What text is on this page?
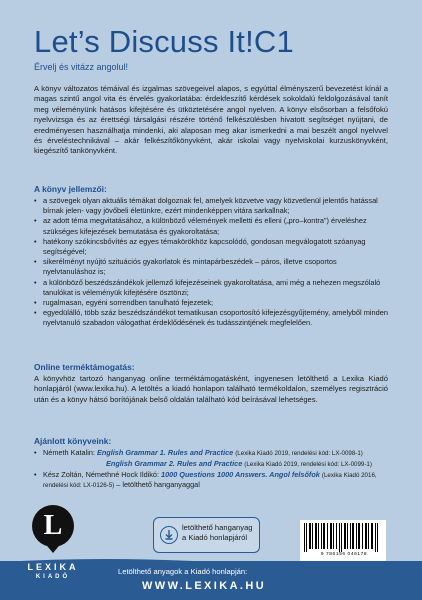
Let’s Discuss It!C1
Érvelj és vitázz angolul!

A könyv változatos témáival és izgalmas szövegeivel alapos, s egyúttal élményszerű bevezetést kínál a magas szintű angol vita és érvelés gyakorlatába: érdekfeszítő kérdések sokoldalú feldolgozásával tanít meg véleményünk hatásos kifejtésére és ütköztetésére angol nyelven. A könyv elsősorban a felsőfokú nyelvvizsga és az érettségi társalgási részére történő felkészülésben hivatott segítséget nyújtani, de eredményesen használhatja mindenki, aki alaposan meg akar ismerkedni a mai beszélt angol nyelvvel és érveléstechnikával – akár felkészítőkönyvként, akár iskolai vagy nyelviskolai kurzuskönyvként, kiegészítő tankönyvként.

A könyv jellemzői:
• a szövegek olyan aktuális témákat dolgoznak fel, amelyek közvetve vagy közvetlenül jelentős hatással bírnak jelen- vagy jövőbeli életünkre, ezért mindenképpen vitára sarkallnak;
• az adott téma megvitatásához, a különböző vélemények melletti és elleni („pro–kontra”) érveléshez szükséges kifejezések bemutatása és gyakoroltatása;
• hatékony szókincsbővítés az egyes témakörökhöz kapcsolódó, gondosan megválogatott szóanyag segítségével;
• sikerélményt nyújtó szituációs gyakorlatok és mintapárbeszédek – páros, illetve csoportos nyelvtanuláshoz is;
• a különböző beszédszándékok jellemző kifejezéseinek gyakoroltatása, ami még a nehezen megszólaló tanulókat is véleményük kifejtésére ösztönzi;
• rugalmasan, egyéni sorrendben tanulható fejezetek;
• egyedülálló, több száz beszédszándékot tematikusan csoportosító kifejezésgyűjtemény, amelyből minden nyelvtanuló szabadon válogathat érdeklődésének és tudásszintjének megfelelően.
Online terméktámogatás:

A könyvhöz tartozó hanganyag online terméktámogatásként, ingyenesen letölthető a Lexika Kiadó honlapjáról (www.lexika.hu). A letöltés a kiadó honlapon található termékoldalon, személyes regisztráció után és a könyv hátsó borítójának belső oldalán található kód beírásával lehetséges.

Ajánlott könyveink:
• Németh Katalin: English Grammar 1. Rules and Practice (Lexika Kiadó 2019, rendelési kód: LX-0098-1)
English Grammar 2. Rules and Practice (Lexika Kiadó 2019, rendelési kód: LX-0099-1)
• Kész Zoltán, Némethné Hock Ildikó: 1000 Questions 1000 Answers. Angol felsőfok (Lexika Kiadó 2016, rendelési kód: LX-0126-5) – letölthető hanganyaggal
letölthető hanganyag
a Kiadó honlapjáról
9 786156 046178
L
LEXIKA
KIADÓ
Letölthető anyagok a Kiadó honlapján:
WWW.LEXIKA.HU
